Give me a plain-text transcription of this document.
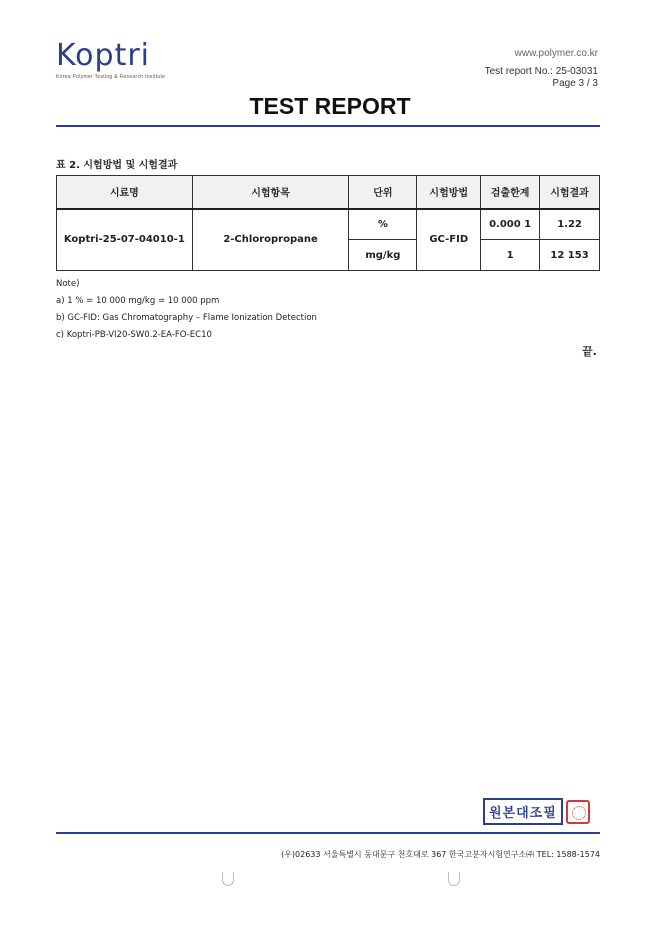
Koptri
Korea Polymer Testing & Research Institute
www.polymer.co.kr
Test report No.: 25-03031
Page 3 / 3
TEST REPORT
표 2. 시험방법 및 시험결과
시료명	시험항목	단위	시험방법	검출한계	시험결과
Koptri-25-07-04010-1	2-Chloropropane	%	GC-FID	0.000 1	1.22
		mg/kg		1	12 153
Note)
a) 1 % = 10 000 mg/kg = 10 000 ppm
b) GC-FID: Gas Chromatography – Flame Ionization Detection
c) Koptri-PB-VI20-SW0.2-EA-FO-EC10
끝.
원본대조필
(우)02633 서울특별시 동대문구 천호대로 367 한국고분자시험연구소㈜ TEL: 1588-1574
